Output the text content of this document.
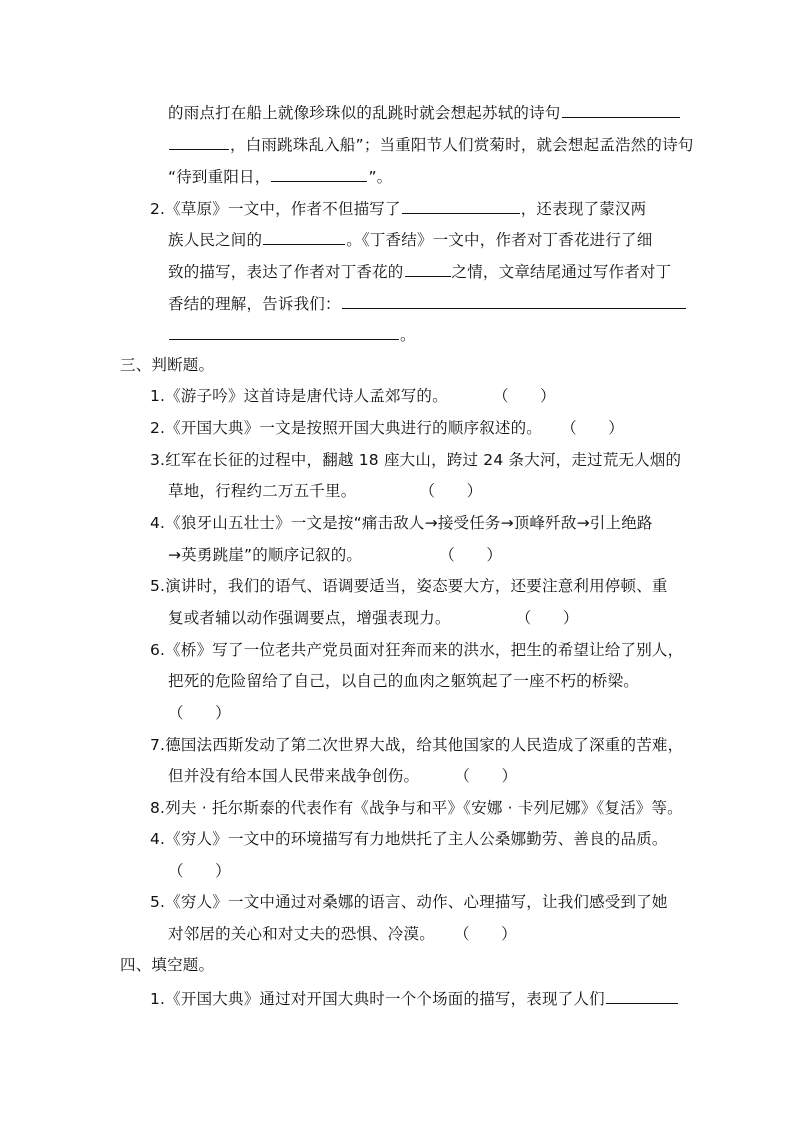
的雨点打在船上就像珍珠似的乱跳时就会想起苏轼的诗句
，白雨跳珠乱入船”；当重阳节人们赏菊时，就会想起孟浩然的诗句
“待到重阳日，	”。
2.《草原》一文中，作者不但描写了	，还表现了蒙汉两
族人民之间的	。《丁香结》一文中，作者对丁香花进行了细
致的描写，表达了作者对丁香花的	之情，文章结尾通过写作者对丁
香结的理解，告诉我们：
。
三、判断题。
1.《游子吟》这首诗是唐代诗人孟郊写的。	（　　）
2.《开国大典》一文是按照开国大典进行的顺序叙述的。 （　　）
3.红军在长征的过程中，翻越 18 座大山，跨过 24 条大河，走过荒无人烟的
草地，行程约二万五千里。	（　　）
4.《狼牙山五壮士》一文是按“痛击敌人→接受任务→顶峰歼敌→引上绝路
→英勇跳崖”的顺序记叙的。	（　　）
5.演讲时，我们的语气、语调要适当，姿态要大方，还要注意利用停顿、重
复或者辅以动作强调要点，增强表现力。	（　　）
6.《桥》写了一位老共产党员面对狂奔而来的洪水，把生的希望让给了别人，
把死的危险留给了自己，以自己的血肉之躯筑起了一座不朽的桥梁。
（　　）
7.德国法西斯发动了第二次世界大战，给其他国家的人民造成了深重的苦难，
但并没有给本国人民带来战争创伤。 （　　）
8.列夫 · 托尔斯泰的代表作有《战争与和平》《安娜 · 卡列尼娜》《复活》等。
4.《穷人》一文中的环境描写有力地烘托了主人公桑娜勤劳、善良的品质。
（　　）
5.《穷人》一文中通过对桑娜的语言、动作、心理描写，让我们感受到了她
对邻居的关心和对丈夫的恐惧、冷漠。 （　　）
四、填空题。
1.《开国大典》通过对开国大典时一个个场面的描写，表现了人们
